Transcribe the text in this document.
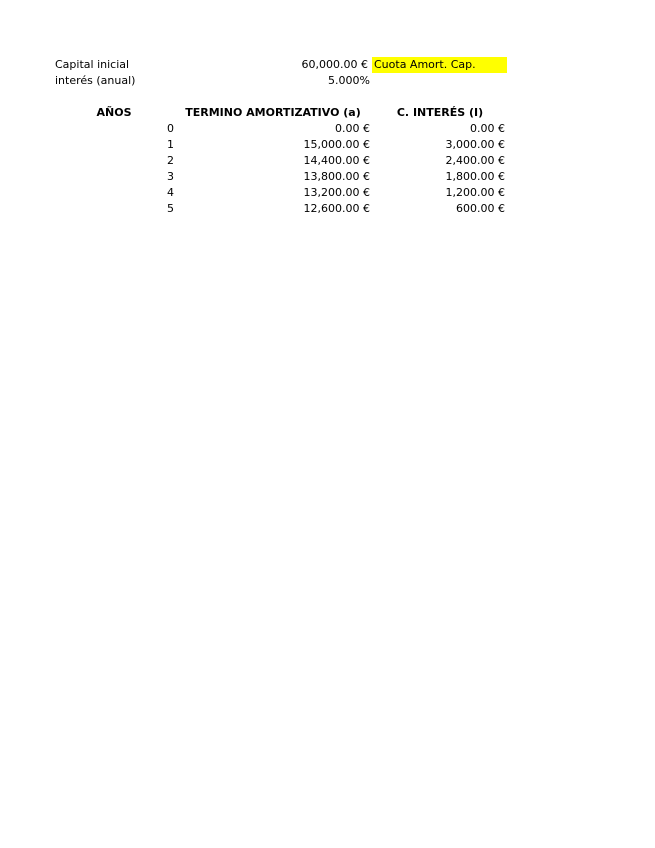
Capital inicial	60,000.00 € Cuota Amort. Cap.
interés (anual)	5.000%
AÑOS	TERMINO AMORTIZATIVO (a)	C. INTERÉS (I)
0	0.00 €	0.00 €
1	15,000.00 €	3,000.00 €
2	14,400.00 €	2,400.00 €
3	13,800.00 €	1,800.00 €
4	13,200.00 €	1,200.00 €
5	12,600.00 €	600.00 €
